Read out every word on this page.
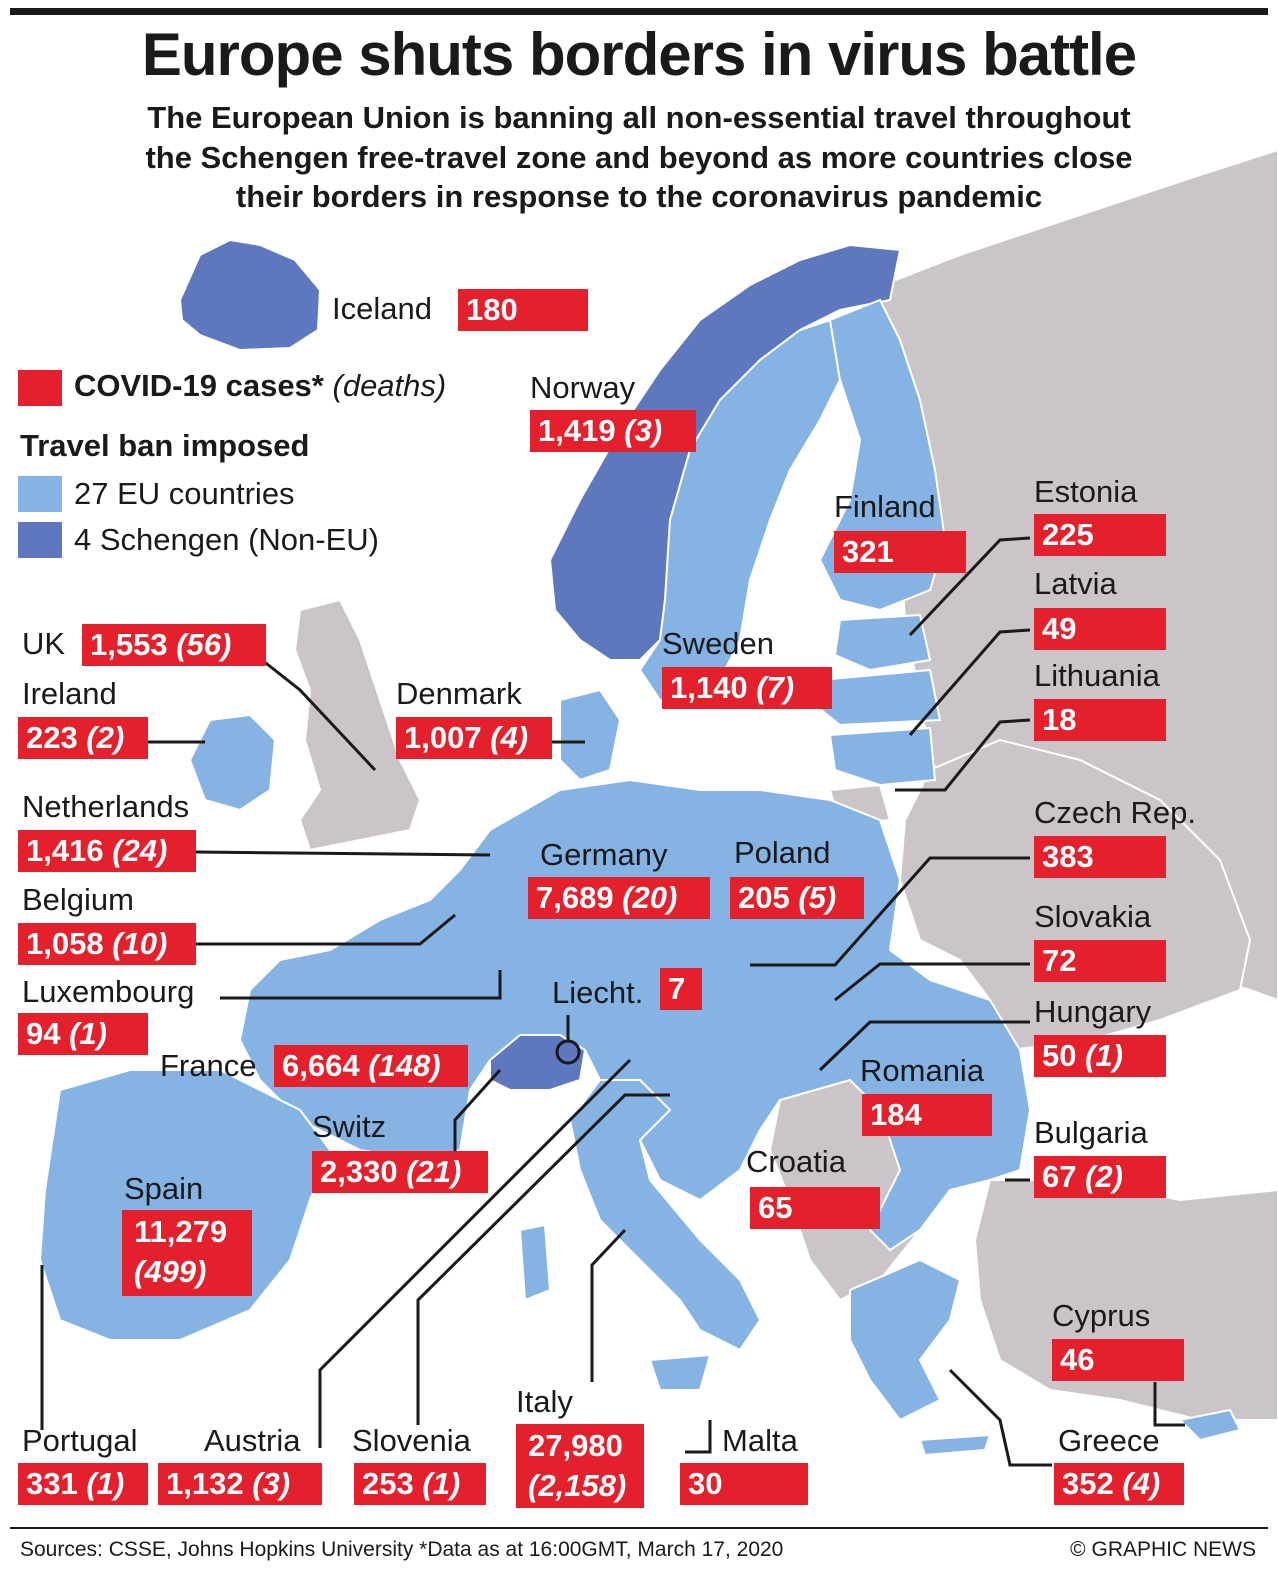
Europe shuts borders in virus battle
The European Union is banning all non-essential travel throughout
the Schengen free-travel zone and beyond as more countries close
their borders in response to the coronavirus pandemic
COVID-19 cases* (deaths)
Travel ban imposed
27 EU countries
4 Schengen (Non-EU)
Iceland 180
Norway
1,419 (3)
Finland
321
Estonia
225
Latvia
49
Lithuania
18
UK 1,553 (56)
Ireland
223 (2)
Denmark
1,007 (4)
Sweden
1,140 (7)
Netherlands
1,416 (24)	Germany
7,689 (20)
Poland
205 (5)
Czech Rep.
383
Belgium
1,058 (10)
Slovakia
72
Luxembourg
94 (1)
Liecht. 7
Hungary
50 (1)
France 6,664 (148)	Romania
184
Switz
2,330 (21)
Bulgaria
67 (2)
Croatia
65
Spain
11,279
(499)
Cyprus
46
Italy
27,980
(2,158)
Portugal
331 (1)
Austria
1,132 (3)
Slovenia
253 (1)
Malta
30
Greece
352 (4)
Sources: CSSE, Johns Hopkins University *Data as at 16:00GMT, March 17, 2020	© GRAPHIC NEWS
